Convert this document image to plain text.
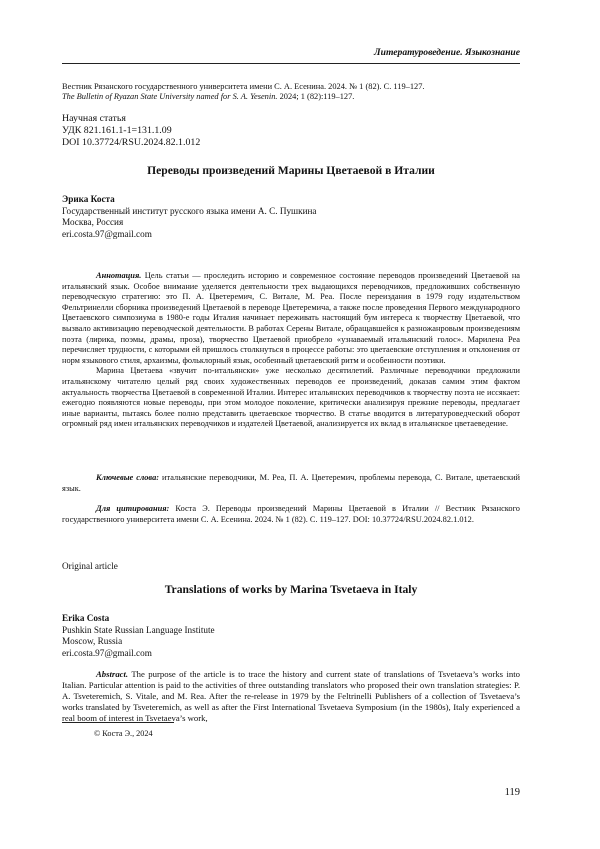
Литературоведение. Языкознание
Вестник Рязанского государственного университета имени С. А. Есенина. 2024. № 1 (82). С. 119–127.
The Bulletin of Ryazan State University named for S. A. Yesenin. 2024; 1 (82):119–127.
Научная статья
УДК 821.161.1-1=131.1.09
DOI 10.37724/RSU.2024.82.1.012
Переводы произведений Марины Цветаевой в Италии
Эрика Коста
Государственный институт русского языка имени А. С. Пушкина
Москва, Россия
eri.costa.97@gmail.com

Аннотация. Цель статьи — проследить историю и современное состояние переводов произведений Цветаевой на итальянский язык. Особое внимание уделяется деятельности трех выдающихся переводчиков, предложивших собственную переводческую стратегию: это П. А. Цветеремич, С. Витале, М. Реа. После переиздания в 1979 году издательством Фельтринелли сборника произведений Цветаевой в переводе Цветеремича, а также после проведения Первого международного Цветаевского симпозиума в 1980-е годы Италия начинает переживать настоящий бум интереса к творчеству Цветаевой, что вызвало активизацию переводческой деятельности. В работах Серены Витале, обращавшейся к разножанровым произведениям поэта (лирика, поэмы, драмы, проза), творчество Цветаевой приобрело «узнаваемый итальянский голос». Марилена Реа перечисляет трудности, с которыми ей пришлось столкнуться в процессе работы: это цветаевские отступления и отклонения от норм языкового стиля, архаизмы, фольклорный язык, особенный цветаевский ритм и особенности поэтики.

Марина Цветаева «звучит по-итальянски» уже несколько десятилетий. Различные переводчики предложили итальянскому читателю целый ряд своих художественных переводов ее произведений, доказав самим этим фактом актуальность творчества Цветаевой в современной Италии. Интерес итальянских переводчиков к творчеству поэта не иссякает: ежегодно появляются новые переводы, при этом молодое поколение, критически анализируя прежние переводы, предлагает иные варианты, пытаясь более полно представить цветаевское творчество. В статье вводится в литературоведческий оборот огромный ряд имен итальянских переводчиков и издателей Цветаевой, анализируется их вклад в итальянское цветаеведение.

Ключевые слова: итальянские переводчики, М. Реа, П. А. Цветеремич, проблемы перевода, С. Витале, цветаевский язык.

Для цитирования: Коста Э. Переводы произведений Марины Цветаевой в Италии // Вестник Рязанского государственного университета имени С. А. Есенина. 2024. № 1 (82). С. 119–127. DOI: 10.37724/RSU.2024.82.1.012.

Original article
Translations of works by Marina Tsvetaeva in Italy
Erika Costa
Pushkin State Russian Language Institute
Moscow, Russia
eri.costa.97@gmail.com

Abstract. The purpose of the article is to trace the history and current state of translations of Tsvetaeva’s works into Italian. Particular attention is paid to the activities of three outstanding translators who proposed their own translation strategies: P. A. Tsveteremich, S. Vitale, and M. Rea. After the re-release in 1979 by the Feltrinelli Publishers of a collection of Tsvetaeva’s works translated by Tsveteremich, as well as after the First International Tsvetaeva Symposium (in the 1980s), Italy experienced a real boom of interest in Tsvetaeva’s work,

© Коста Э., 2024
119
